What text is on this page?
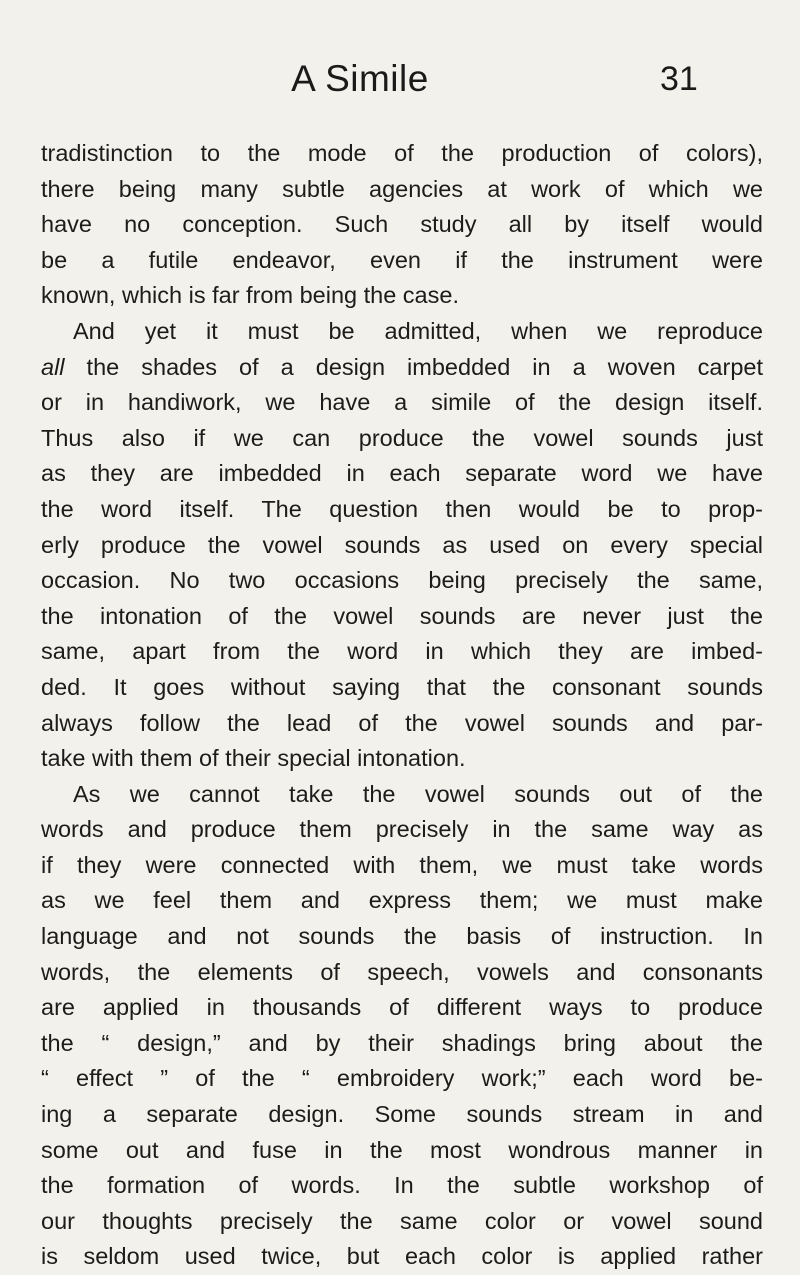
A Simile	31
tradistinction to the mode of the production of colors),
there being many subtle agencies at work of which we
have no conception. Such study all by itself would
be a futile endeavor, even if the instrument were
known, which is far from being the case.
And yet it must be admitted, when we reproduce
all the shades of a design imbedded in a woven carpet
or in handiwork, we have a simile of the design itself.
Thus also if we can produce the vowel sounds just
as they are imbedded in each separate word we have
the word itself. The question then would be to prop-
erly produce the vowel sounds as used on every special
occasion. No two occasions being precisely the same,
the intonation of the vowel sounds are never just the
same, apart from the word in which they are imbed-
ded. It goes without saying that the consonant sounds
always follow the lead of the vowel sounds and par-
take with them of their special intonation.
As we cannot take the vowel sounds out of the
words and produce them precisely in the same way as
if they were connected with them, we must take words
as we feel them and express them; we must make
language and not sounds the basis of instruction. In
words, the elements of speech, vowels and consonants
are applied in thousands of different ways to produce
the “ design,” and by their shadings bring about the
“ effect ” of the “ embroidery work;” each word be-
ing a separate design. Some sounds stream in and
some out and fuse in the most wondrous manner in
the formation of words. In the subtle workshop of
our thoughts precisely the same color or vowel sound
is seldom used twice, but each color is applied rather
